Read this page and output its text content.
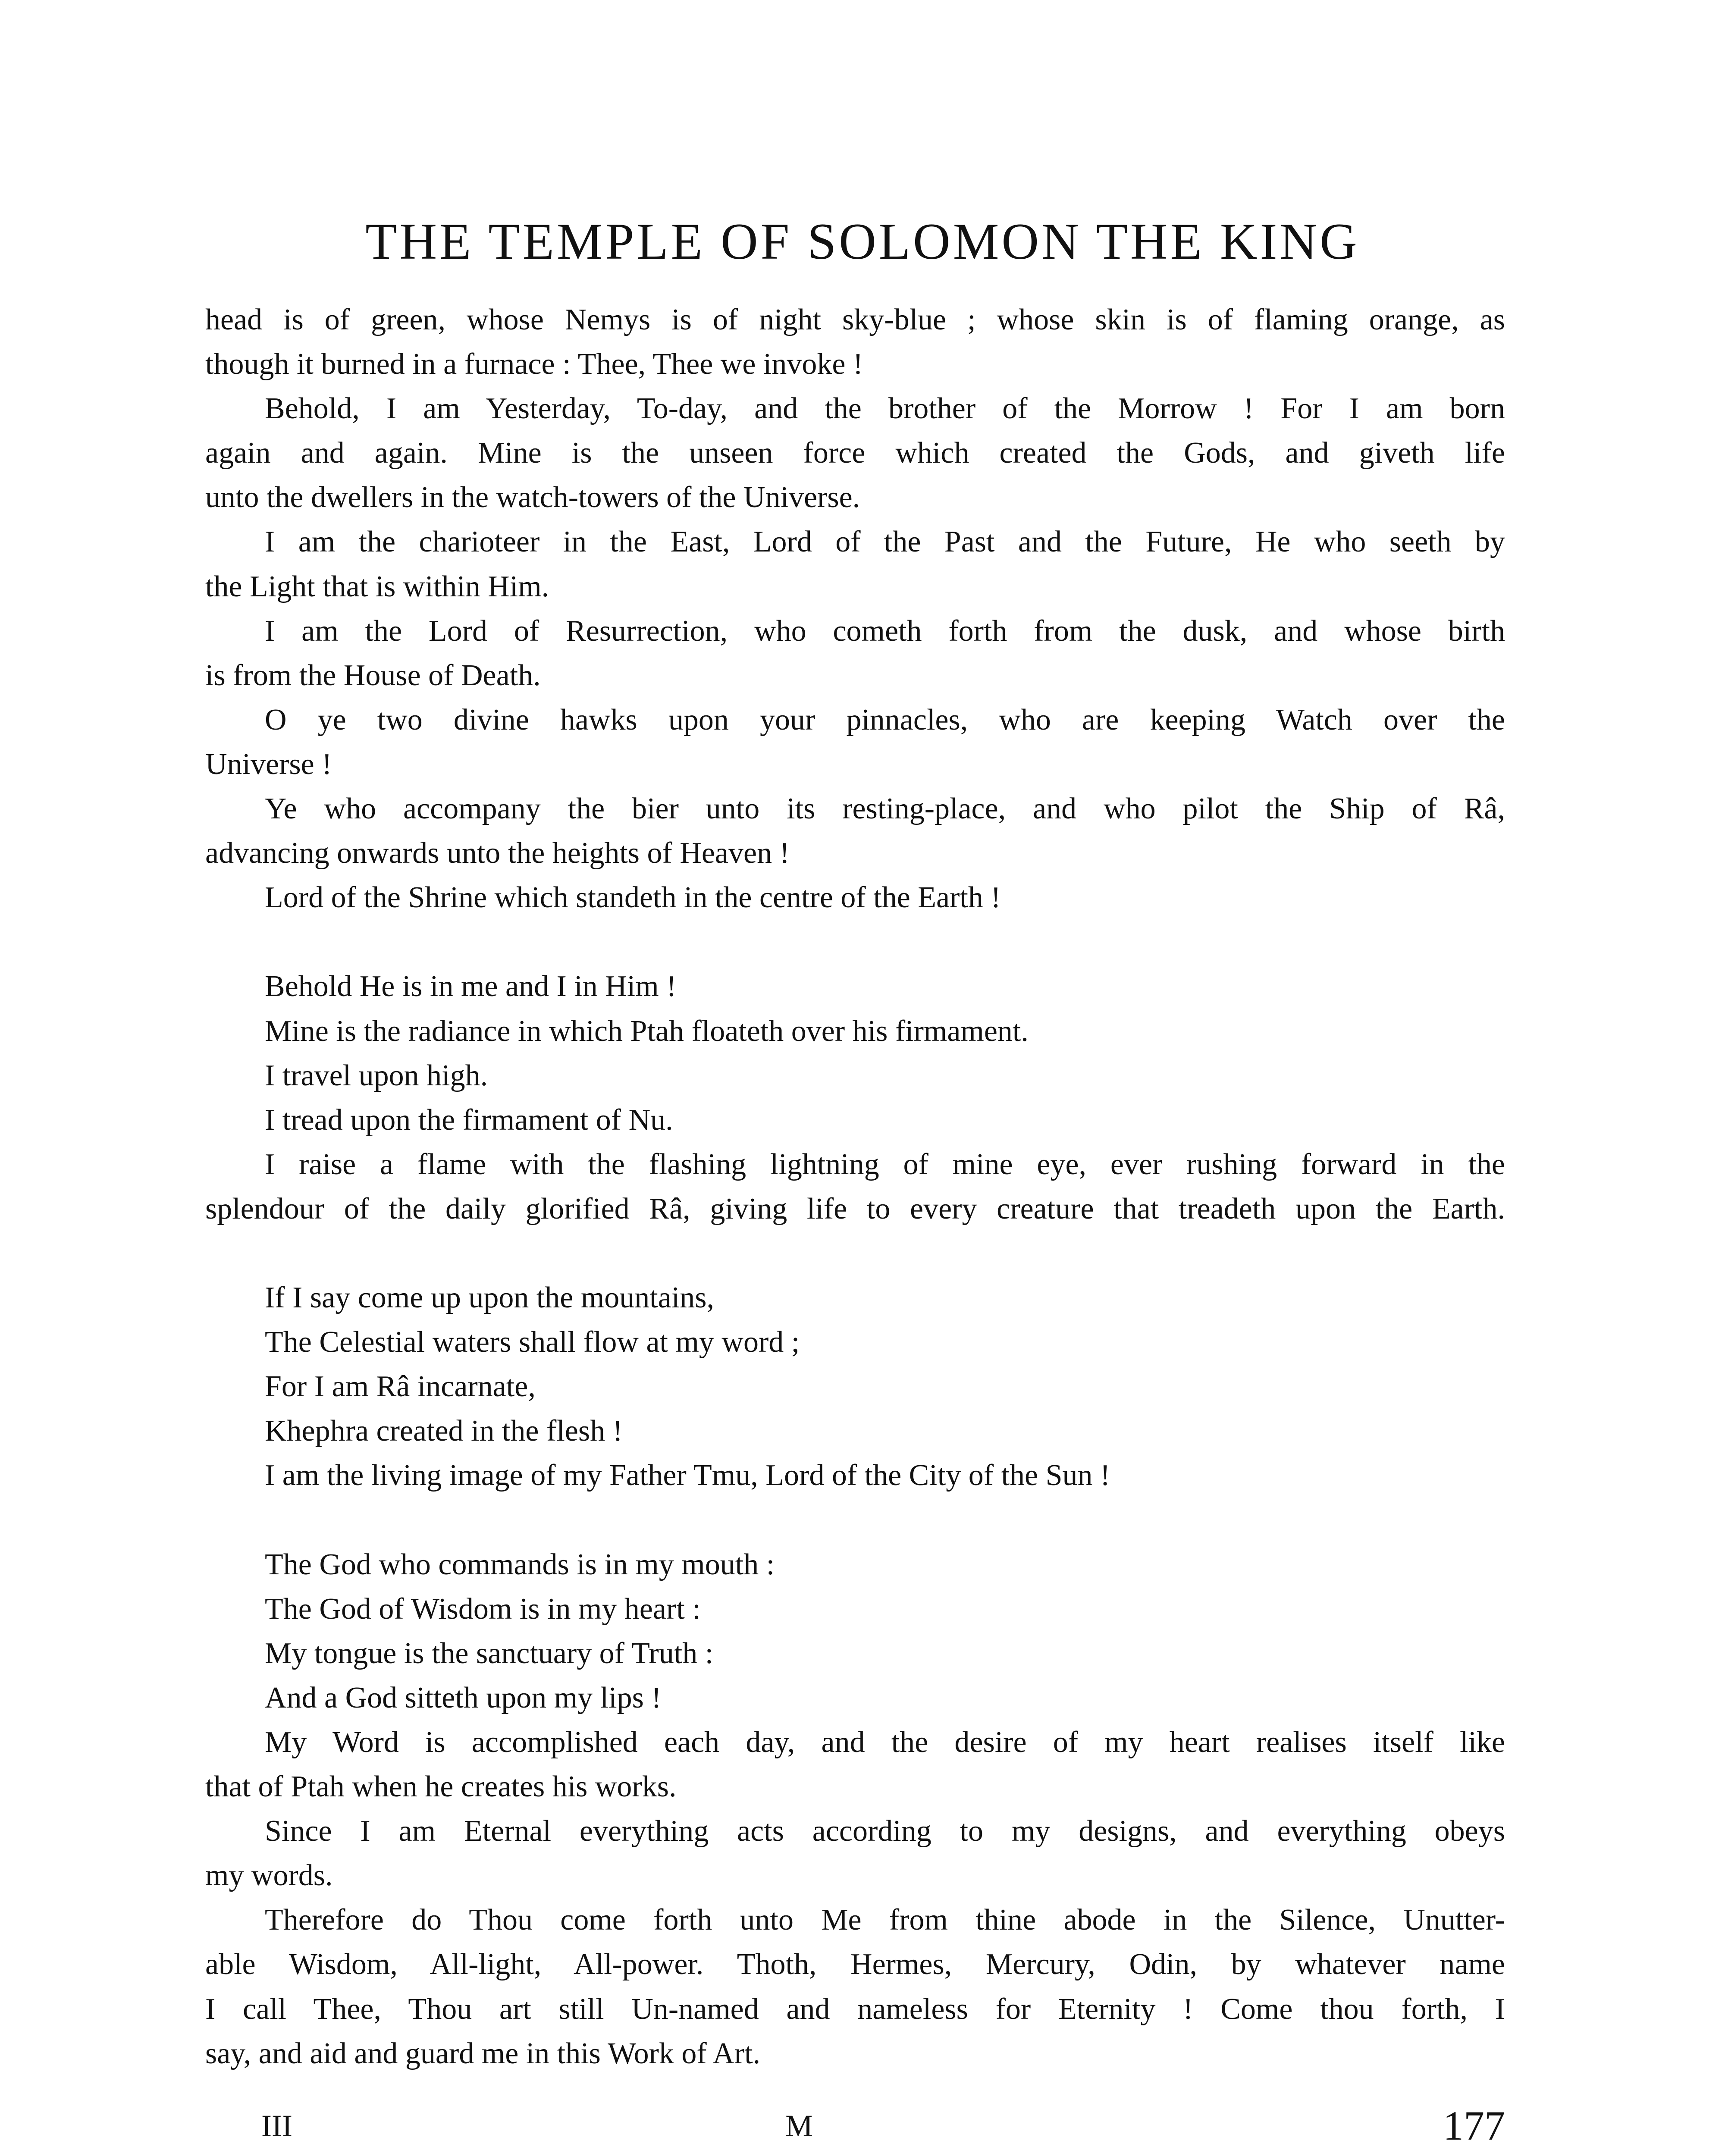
THE TEMPLE OF SOLOMON THE KING
head is of green, whose Nemys is of night sky-blue ; whose skin is of flaming orange, as
though it burned in a furnace : Thee, Thee we invoke !
Behold, I am Yesterday, To-day, and the brother of the Morrow ! For I am born
again and again. Mine is the unseen force which created the Gods, and giveth life
unto the dwellers in the watch-towers of the Universe.
I am the charioteer in the East, Lord of the Past and the Future, He who seeth by
the Light that is within Him.
I am the Lord of Resurrection, who cometh forth from the dusk, and whose birth
is from the House of Death.
O ye two divine hawks upon your pinnacles, who are keeping Watch over the
Universe !
Ye who accompany the bier unto its resting-place, and who pilot the Ship of Râ,
advancing onwards unto the heights of Heaven !
Lord of the Shrine which standeth in the centre of the Earth !
Behold He is in me and I in Him !
Mine is the radiance in which Ptah floateth over his firmament.
I travel upon high.
I tread upon the firmament of Nu.
I raise a flame with the flashing lightning of mine eye, ever rushing forward in the
splendour of the daily glorified Râ, giving life to every creature that treadeth upon the Earth.
If I say come up upon the mountains,
The Celestial waters shall flow at my word ;
For I am Râ incarnate,
Khephra created in the flesh !
I am the living image of my Father Tmu, Lord of the City of the Sun !
The God who commands is in my mouth :
The God of Wisdom is in my heart :
My tongue is the sanctuary of Truth :
And a God sitteth upon my lips !
My Word is accomplished each day, and the desire of my heart realises itself like
that of Ptah when he creates his works.
Since I am Eternal everything acts according to my designs, and everything obeys
my words.
Therefore do Thou come forth unto Me from thine abode in the Silence, Unutter-
able Wisdom, All-light, All-power. Thoth, Hermes, Mercury, Odin, by whatever name
I call Thee, Thou art still Un-named and nameless for Eternity ! Come thou forth, I
say, and aid and guard me in this Work of Art.
III	M	177
